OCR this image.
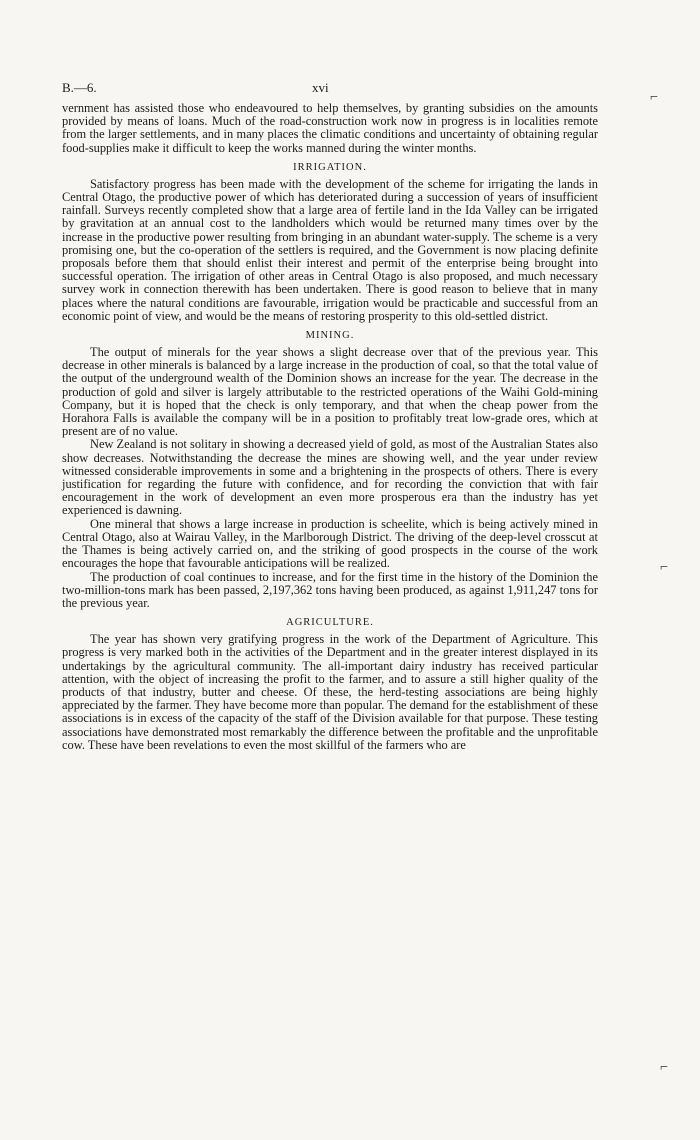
B.—6.	xvi

vernment has assisted those who endeavoured to help themselves, by granting subsidies on the amounts provided by means of loans. Much of the road-construction work now in progress is in localities remote from the larger settlements, and in many places the climatic conditions and uncertainty of obtaining regular food-supplies make it difficult to keep the works manned during the winter months.

IRRIGATION.

Satisfactory progress has been made with the development of the scheme for irrigating the lands in Central Otago, the productive power of which has deteriorated during a succession of years of insufficient rainfall. Surveys recently completed show that a large area of fertile land in the Ida Valley can be irrigated by gravitation at an annual cost to the landholders which would be returned many times over by the increase in the productive power resulting from bringing in an abundant water-supply. The scheme is a very promising one, but the co-operation of the settlers is required, and the Government is now placing definite proposals before them that should enlist their interest and permit of the enterprise being brought into successful operation. The irrigation of other areas in Central Otago is also proposed, and much necessary survey work in connection therewith has been undertaken. There is good reason to believe that in many places where the natural conditions are favourable, irrigation would be practicable and successful from an economic point of view, and would be the means of restoring prosperity to this old-settled district.

MINING.

The output of minerals for the year shows a slight decrease over that of the previous year. This decrease in other minerals is balanced by a large increase in the production of coal, so that the total value of the output of the underground wealth of the Dominion shows an increase for the year. The decrease in the production of gold and silver is largely attributable to the restricted operations of the Waihi Gold-mining Company, but it is hoped that the check is only temporary, and that when the cheap power from the Horahora Falls is available the company will be in a position to profitably treat low-grade ores, which at present are of no value.

New Zealand is not solitary in showing a decreased yield of gold, as most of the Australian States also show decreases. Notwithstanding the decrease the mines are showing well, and the year under review witnessed considerable improvements in some and a brightening in the prospects of others. There is every justification for regarding the future with confidence, and for recording the conviction that with fair encouragement in the work of development an even more prosperous era than the industry has yet experienced is dawning.

One mineral that shows a large increase in production is scheelite, which is being actively mined in Central Otago, also at Wairau Valley, in the Marlborough District. The driving of the deep-level crosscut at the Thames is being actively carried on, and the striking of good prospects in the course of the work encourages the hope that favourable anticipations will be realized.

The production of coal continues to increase, and for the first time in the history of the Dominion the two-million-tons mark has been passed, 2,197,362 tons having been produced, as against 1,911,247 tons for the previous year.

AGRICULTURE.

The year has shown very gratifying progress in the work of the Department of Agriculture. This progress is very marked both in the activities of the Department and in the greater interest displayed in its undertakings by the agricultural community. The all-important dairy industry has received particular attention, with the object of increasing the profit to the farmer, and to assure a still higher quality of the products of that industry, butter and cheese. Of these, the herd-testing associations are being highly appreciated by the farmer. They have become more than popular. The demand for the establishment of these associations is in excess of the capacity of the staff of the Division available for that purpose. These testing associations have demonstrated most remarkably the difference between the profitable and the unprofitable cow. These have been revelations to even the most skillful of the farmers who are

⌐
⌐
⌐
